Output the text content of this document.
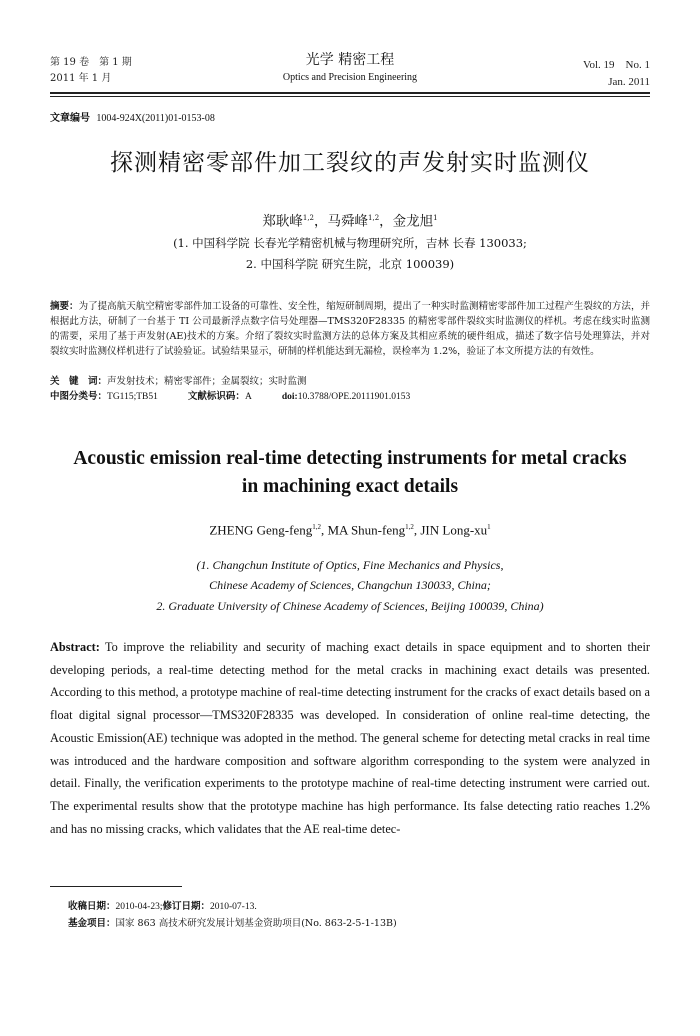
第 19 卷　第 1 期
2011 年 1 月
光学 精密工程
Optics and Precision Engineering
Vol. 19　No. 1
Jan. 2011
文章编号 1004-924X(2011)01-0153-08
探测精密零部件加工裂纹的声发射实时监测仪
郑耿峰$^{1,2}$，马舜峰$^{1,2}$，金龙旭$^1$
(1. 中国科学院 长春光学精密机械与物理研究所，吉林 长春 130033;
2. 中国科学院 研究生院，北京 100039)
摘要：为了提高航天航空精密零部件加工设备的可靠性、安全性，缩短研制周期，提出了一种实时监测精密零部件加工过程产生裂纹的方法，并根据此方法，研制了一台基于 TI 公司最新浮点数字信号处理器—TMS320F28335 的精密零部件裂纹实时监测仪的样机。考虑在线实时监测的需要，采用了基于声发射(AE)技术的方案。介绍了裂纹实时监测方法的总体方案及其相应系统的硬件组成，描述了数字信号处理算法，并对裂纹实时监测仪样机进行了试验验证。试验结果显示，研制的样机能达到无漏检，误检率为 1.2%，验证了本文所提方法的有效性。
关　键　词：声发射技术；精密零部件；金属裂纹；实时监测
中图分类号：TG115;TB51	文献标识码：A	doi:10.3788/OPE.20111901.0153
Acoustic emission real-time detecting instruments for metal cracks
in machining exact details
ZHENG Geng-feng$^{1,2}$, MA Shun-feng$^{1,2}$, JIN Long-$xu^1$
(1. Changchun Institute of Optics, Fine Mechanics and Physics,
Chinese Academy of Sciences, Changchun 130033, China;
2. Graduate University of Chinese Academy of Sciences, Beijing 100039, China)
Abstract: To improve the reliability and security of maching exact details in space equipment and to shorten their developing periods, a real-time detecting method for the metal cracks in machining exact details was presented. According to this method, a prototype machine of real-time detecting instrument for the cracks of exact details based on a float digital signal processor—TMS320F28335 was developed. In consideration of online real-time detecting, the Acoustic Emission(AE) technique was adopted in the method. The general scheme for detecting metal cracks in real time was introduced and the hardware composition and software algorithm corresponding to the system were analyzed in detail. Finally, the verification experiments to the prototype machine of real-time detecting instrument were carried out. The experimental results show that the prototype machine has high performance. Its false detecting ratio reaches 1.2% and has no missing cracks, which validates that the AE real-time detec-
收稿日期：2010-04-23;修订日期：2010-07-13.
基金项目：国家 863 高技术研究发展计划基金资助项目(No. 863-2-5-1-13B)
